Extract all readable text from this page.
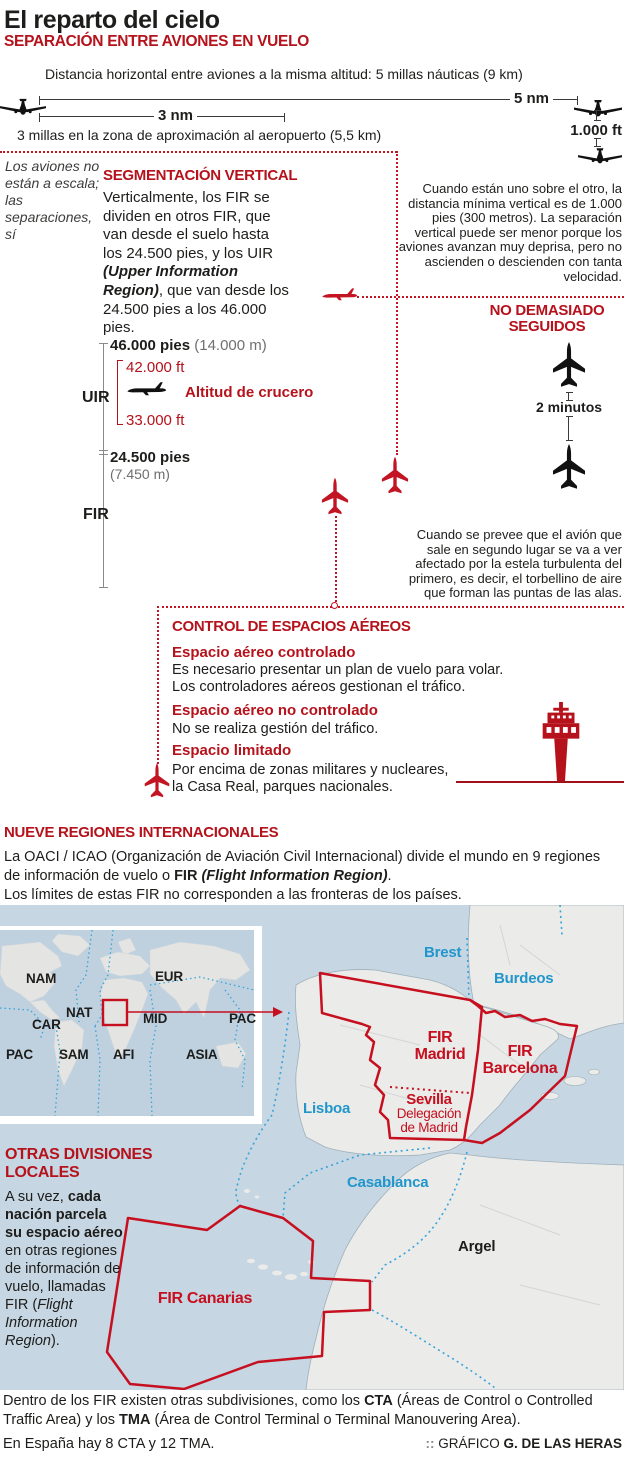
El reparto del cielo
SEPARACIÓN ENTRE AVIONES EN VUELO
Distancia horizontal entre aviones a la misma altitud: 5 millas náuticas (9 km)
5 nm
3 nm
3 millas en la zona de aproximación al aeropuerto (5,5 km)	1.000 ft
Los aviones no están a escala; las separaciones, sí
SEGMENTACIÓN VERTICAL

Verticalmente, los FIR se dividen en otros FIR, que van desde el suelo hasta los 24.500 pies, y los UIR (Upper Information Region), que van desde los 24.500 pies a los 46.000 pies.

Cuando están uno sobre el otro, la distancia mínima vertical es de 1.000 pies (300 metros). La separación vertical puede ser menor porque los aviones avanzan muy deprisa, pero no ascienden o descienden con tanta velocidad.
46.000 pies (14.000 m)
42.000 ft
33.000 ft
Altitud de crucero
UIR
24.500 pies
(7.450 m)
FIR
NO DEMASIADO
SEGUIDOS
2 minutos
Cuando se prevee que el avión que sale en segundo lugar se va a ver afectado por la estela turbulenta del primero, es decir, el torbellino de aire que forman las puntas de las alas.
CONTROL DE ESPACIOS AÉREOS
Espacio aéreo controlado
Es necesario presentar un plan de vuelo para volar.
Los controladores aéreos gestionan el tráfico.
Espacio aéreo no controlado
No se realiza gestión del tráfico.
Espacio limitado
Por encima de zonas militares y nucleares,
la Casa Real, parques nacionales.
NUEVE REGIONES INTERNACIONALES

La OACI / ICAO (Organización de Aviación Civil Internacional) divide el mundo en 9 regiones de información de vuelo o FIR (Flight Information Region).
Los límites de estas FIR no corresponden a las fronteras de los países.

NAM	EUR
CAR
NAT	MID	PAC
PAC SAM AFI	ASIA
Brest
Burdeos
Lisboa
Casablanca
Argel
FIR
Madrid	FIR
Barcelona
Sevilla
Delegación
de Madrid
FIR Canarias
OTRAS DIVISIONES
LOCALES

A su vez, cada nación parcela su espacio aéreo en otras regiones de información de vuelo, llamadas FIR (Flight Information Region).

Dentro de los FIR existen otras subdivisiones, como los CTA (Áreas de Control o Controlled Traffic Area) y los TMA (Área de Control Terminal o Terminal Manouvering Area).

En España hay 8 CTA y 12 TMA.	:: GRÁFICO G. DE LAS HERAS
